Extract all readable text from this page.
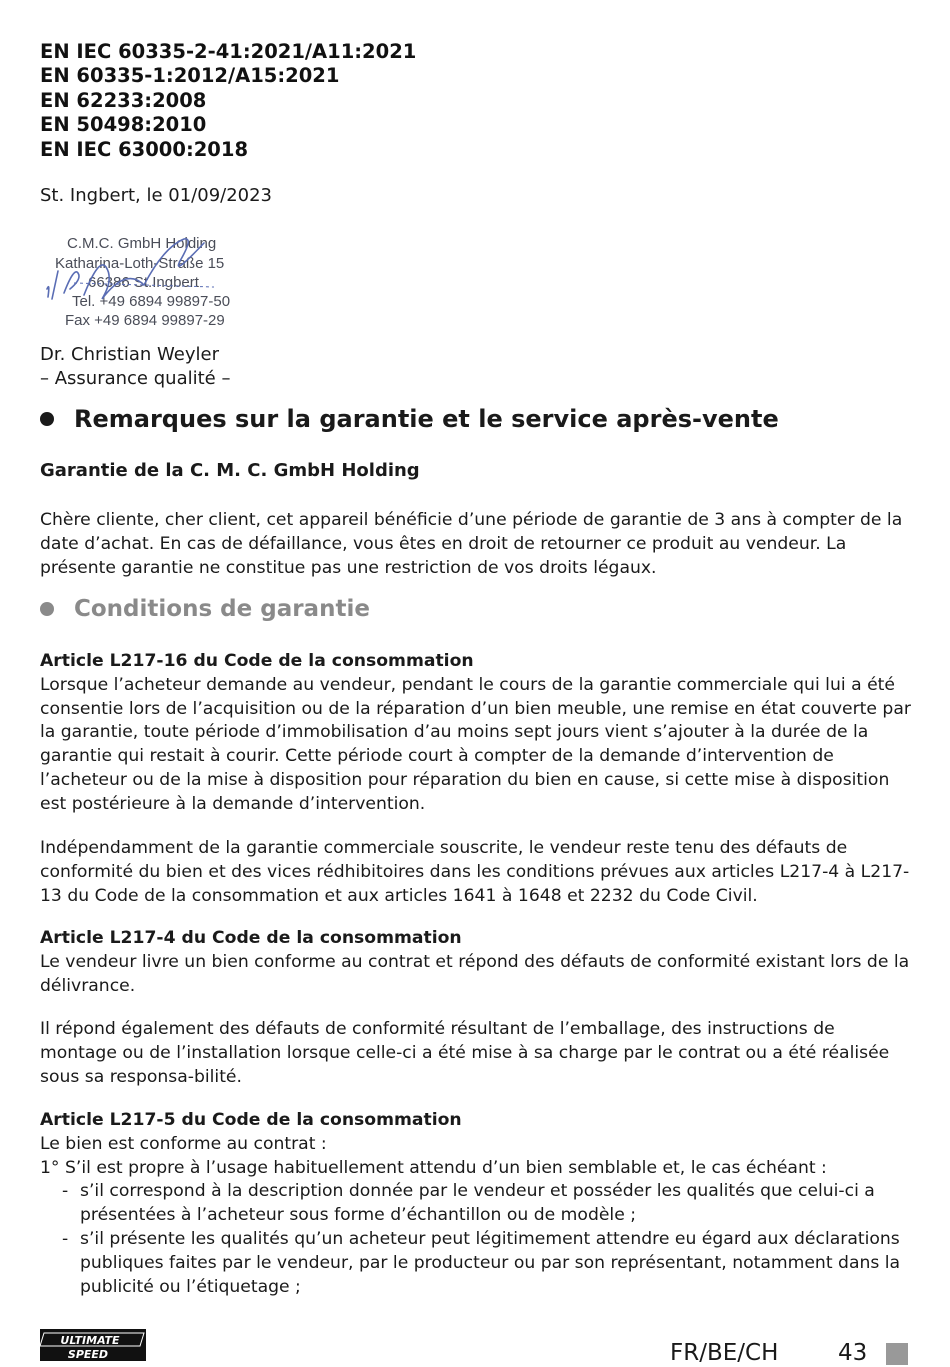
EN IEC 60335-2-41:2021/A11:2021
EN 60335-1:2012/A15:2021
EN 62233:2008
EN 50498:2010
EN IEC 63000:2018
St. Ingbert, le 01/09/2023
C.M.C. GmbH Holding
Katharina-Loth-Straße 15
66386 St.Ingbert
Tel. +49 6894 99897-50
Fax +49 6894 99897-29
Dr. Christian Weyler
– Assurance qualité –
Remarques sur la garantie et le service après-vente
Garantie de la C. M. C. GmbH Holding
Chère cliente, cher client, cet appareil bénéficie d’une période de garantie de 3 ans à compter de la date d’achat. En cas de défaillance, vous êtes en droit de retourner ce produit au vendeur. La présente garantie ne constitue pas une restriction de vos droits légaux.
Conditions de garantie
Article L217-16 du Code de la consommation
Lorsque l’acheteur demande au vendeur, pendant le cours de la garantie commerciale qui lui a été consentie lors de l’acquisition ou de la réparation d’un bien meuble, une remise en état couverte par la garantie, toute période d’immobilisation d’au moins sept jours vient s’ajouter à la durée de la garantie qui restait à courir. Cette période court à compter de la demande d’intervention de l’acheteur ou de la mise à disposition pour réparation du bien en cause, si cette mise à disposition est postérieure à la demande d’intervention.
Indépendamment de la garantie commerciale souscrite, le vendeur reste tenu des défauts de conformité du bien et des vices rédhibitoires dans les conditions prévues aux articles L217-4 à L217-13 du Code de la consommation et aux articles 1641 à 1648 et 2232 du Code Civil.
Article L217-4 du Code de la consommation
Le vendeur livre un bien conforme au contrat et répond des défauts de conformité existant lors de la délivrance.
Il répond également des défauts de conformité résultant de l’emballage, des instructions de montage ou de l’installation lorsque celle-ci a été mise à sa charge par le contrat ou a été réalisée sous sa responsa-bilité.
Article L217-5 du Code de la consommation
Le bien est conforme au contrat :
1° S’il est propre à l’usage habituellement attendu d’un bien semblable et, le cas échéant :
- s’il correspond à la description donnée par le vendeur et posséder les qualités que celui-ci a présentées à l’acheteur sous forme d’échantillon ou de modèle ;
- s’il présente les qualités qu’un acheteur peut légitimement attendre eu égard aux déclarations publiques faites par le vendeur, par le producteur ou par son représentant, notamment dans la publicité ou l’étiquetage ;
ULTIMATE
SPEED	FR/BE/CH	43
